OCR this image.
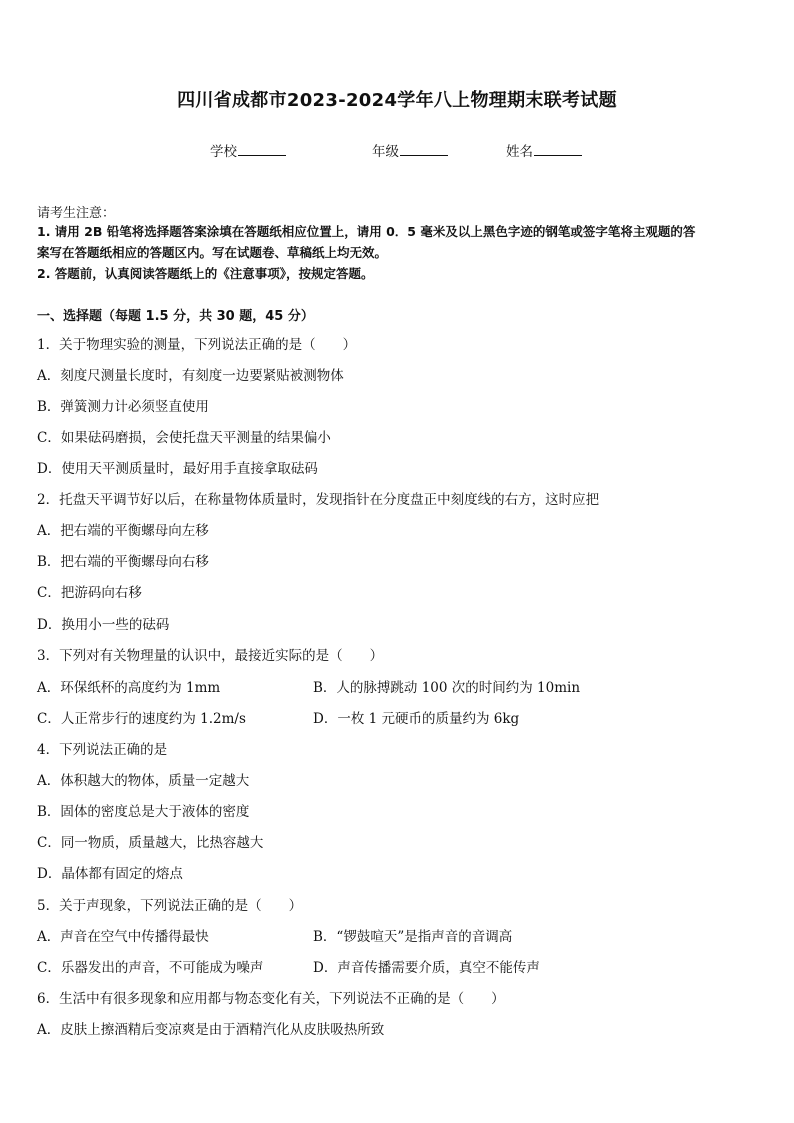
四川省成都市2023-2024学年八上物理期末联考试题
学校	年级	姓名
请考生注意：
1. 请用 2B 铅笔将选择题答案涂填在答题纸相应位置上，请用 0．5 毫米及以上黑色字迹的钢笔或签字笔将主观题的答
案写在答题纸相应的答题区内。写在试题卷、草稿纸上均无效。
2. 答题前，认真阅读答题纸上的《注意事项》，按规定答题。
一、选择题（每题 1.5 分，共 30 题，45 分）
1．关于物理实验的测量，下列说法正确的是（　　）
A．刻度尺测量长度时，有刻度一边要紧贴被测物体
B．弹簧测力计必须竖直使用
C．如果砝码磨损，会使托盘天平测量的结果偏小
D．使用天平测质量时，最好用手直接拿取砝码
2．托盘天平调节好以后，在称量物体质量时，发现指针在分度盘正中刻度线的右方，这时应把
A．把右端的平衡螺母向左移
B．把右端的平衡螺母向右移
C．把游码向右移
D．换用小一些的砝码
3．下列对有关物理量的认识中，最接近实际的是（　　）
A．环保纸杯的高度约为 1mm	B．人的脉搏跳动 100 次的时间约为 10min
C．人正常步行的速度约为 1.2m/s	D．一枚 1 元硬币的质量约为 6kg
4．下列说法正确的是
A．体积越大的物体，质量一定越大
B．固体的密度总是大于液体的密度
C．同一物质，质量越大，比热容越大
D．晶体都有固定的熔点
5．关于声现象，下列说法正确的是（　　）
A．声音在空气中传播得最快	B．“锣鼓喧天”是指声音的音调高
C．乐器发出的声音，不可能成为噪声	D．声音传播需要介质，真空不能传声
6．生活中有很多现象和应用都与物态变化有关，下列说法不正确的是（　　）
A．皮肤上擦酒精后变凉爽是由于酒精汽化从皮肤吸热所致
